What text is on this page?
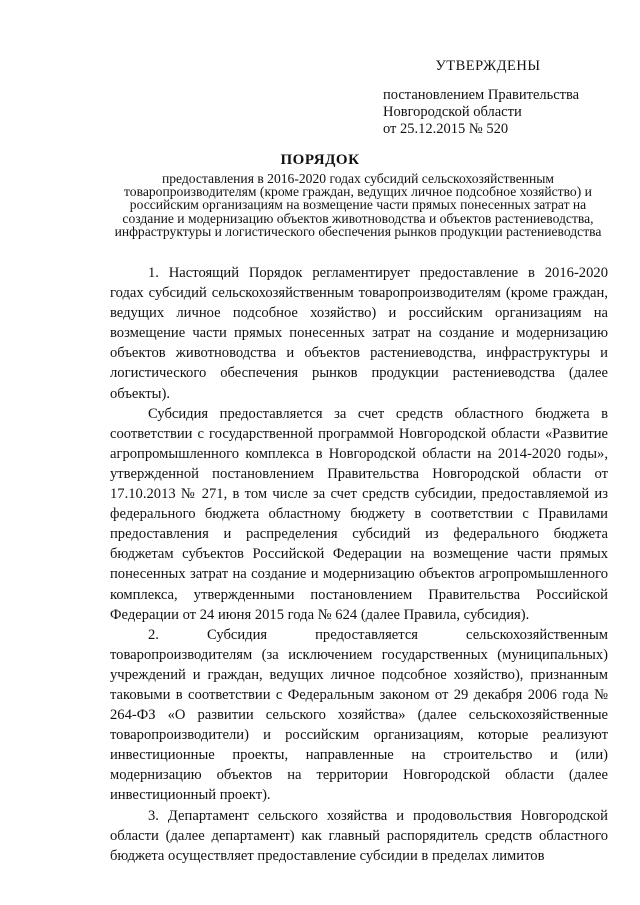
УТВЕРЖДЕНЫ
постановлением Правительства
Новгородской области
от 25.12.2015 № 520
ПОРЯДОК
предоставления в 2016-2020 годах субсидий сельскохозяйственным товаропроизводителям (кроме граждан, ведущих личное подсобное хозяйство) и российским организациям на возмещение части прямых понесенных затрат на создание и модернизацию объектов животноводства и объектов растениеводства, инфраструктуры и логистического обеспечения рынков продукции растениеводства

1. Настоящий Порядок регламентирует предоставление в 2016-2020 годах субсидий сельскохозяйственным товаропроизводителям (кроме граждан, ведущих личное подсобное хозяйство) и российским организациям на возмещение части прямых понесенных затрат на создание и модернизацию объектов животноводства и объектов растениеводства, инфраструктуры и логистического обеспечения рынков продукции растениеводства (далее объекты).

Субсидия предоставляется за счет средств областного бюджета в соответствии с государственной программой Новгородской области «Развитие агропромышленного комплекса в Новгородской области на 2014-2020 годы», утвержденной постановлением Правительства Новгородской области от 17.10.2013 № 271, в том числе за счет средств субсидии, предоставляемой из федерального бюджета областному бюджету в соответствии с Правилами предоставления и распределения субсидий из федерального бюджета бюджетам субъектов Российской Федерации на возмещение части прямых понесенных затрат на создание и модернизацию объектов агропромышленного комплекса, утвержденными постановлением Правительства Российской Федерации от 24 июня 2015 года № 624 (далее Правила, субсидия).

2. Субсидия предоставляется сельскохозяйственным товаропроизводителям (за исключением государственных (муниципальных) учреждений и граждан, ведущих личное подсобное хозяйство), признанным таковыми в соответствии с Федеральным законом от 29 декабря 2006 года № 264-ФЗ «О развитии сельского хозяйства» (далее сельскохозяйственные товаропроизводители) и российским организациям, которые реализуют инвестиционные проекты, направленные на строительство и (или) модернизацию объектов на территории Новгородской области (далее инвестиционный проект).

3. Департамент сельского хозяйства и продовольствия Новгородской области (далее департамент) как главный распорядитель средств областного бюджета осуществляет предоставление субсидии в пределах лимитов
